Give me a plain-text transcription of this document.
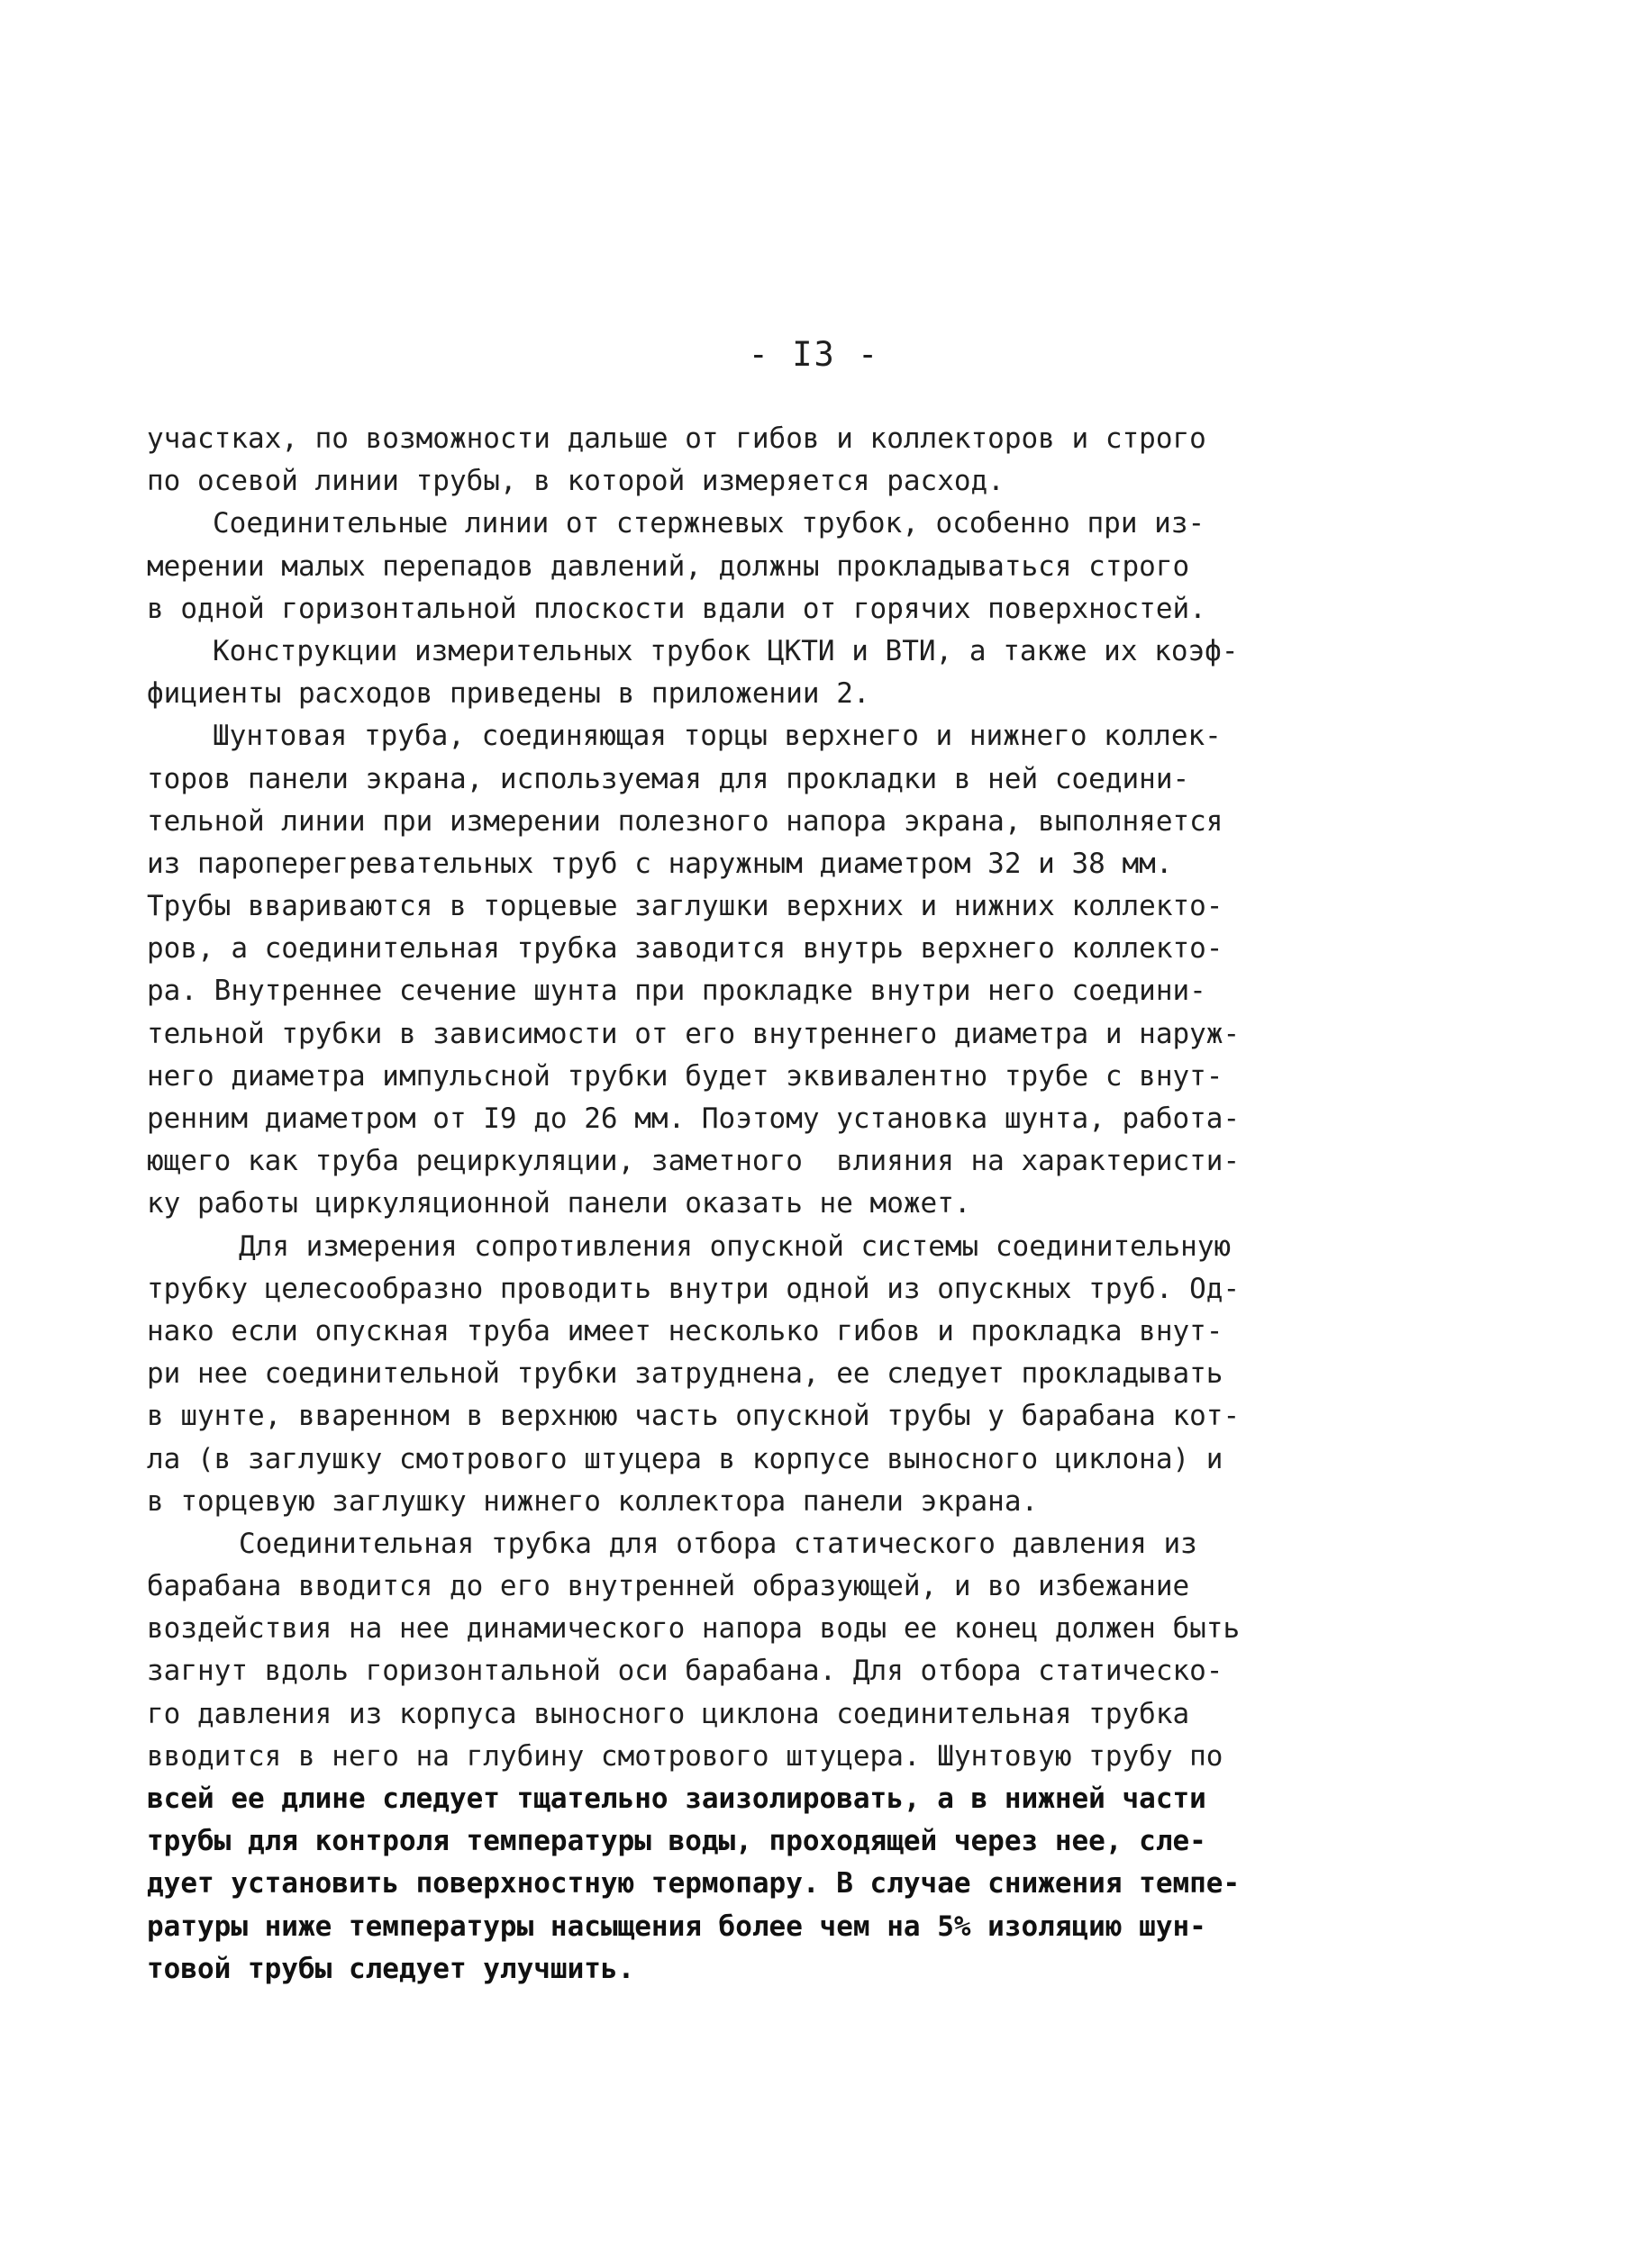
- I3 -
участках, по возможности дальше от гибов и коллекторов и строго
по осевой линии трубы, в которой измеряется расход.
Соединительные линии от стержневых трубок, особенно при из-
мерении малых перепадов давлений, должны прокладываться строго
в одной горизонтальной плоскости вдали от горячих поверхностей.
Конструкции измерительных трубок ЦКТИ и ВТИ, а также их коэф-
фициенты расходов приведены в приложении 2.
Шунтовая труба, соединяющая торцы верхнего и нижнего коллек-
торов панели экрана, используемая для прокладки в ней соедини-
тельной линии при измерении полезного напора экрана, выполняется
из пароперегревательных труб с наружным диаметром 32 и 38 мм.
Трубы ввариваются в торцевые заглушки верхних и нижних коллекто-
ров, а соединительная трубка заводится внутрь верхнего коллекто-
ра. Внутреннее сечение шунта при прокладке внутри него соедини-
тельной трубки в зависимости от его внутреннего диаметра и наруж-
него диаметра импульсной трубки будет эквивалентно трубе с внут-
ренним диаметром от I9 до 26 мм. Поэтому установка шунта, работа-
ющего как труба рециркуляции, заметного  влияния на характеристи-
ку работы циркуляционной панели оказать не может.
Для измерения сопротивления опускной системы соединительную
трубку целесообразно проводить внутри одной из опускных труб. Од-
нако если опускная труба имеет несколько гибов и прокладка внут-
ри нее соединительной трубки затруднена, ее следует прокладывать
в шунте, вваренном в верхнюю часть опускной трубы у барабана кот-
ла (в заглушку смотрового штуцера в корпусе выносного циклона) и
в торцевую заглушку нижнего коллектора панели экрана.
Соединительная трубка для отбора статического давления из
барабана вводится до его внутренней образующей, и во избежание
воздействия на нее динамического напора воды ее конец должен быть
загнут вдоль горизонтальной оси барабана. Для отбора статическо-
го давления из корпуса выносного циклона соединительная трубка
вводится в него на глубину смотрового штуцера. Шунтовую трубу по
всей ее длине следует тщательно заизолировать, а в нижней части
трубы для контроля температуры воды, проходящей через нее, сле-
дует установить поверхностную термопару. В случае снижения темпе-
ратуры ниже температуры насыщения более чем на 5% изоляцию шун-
товой трубы следует улучшить.
